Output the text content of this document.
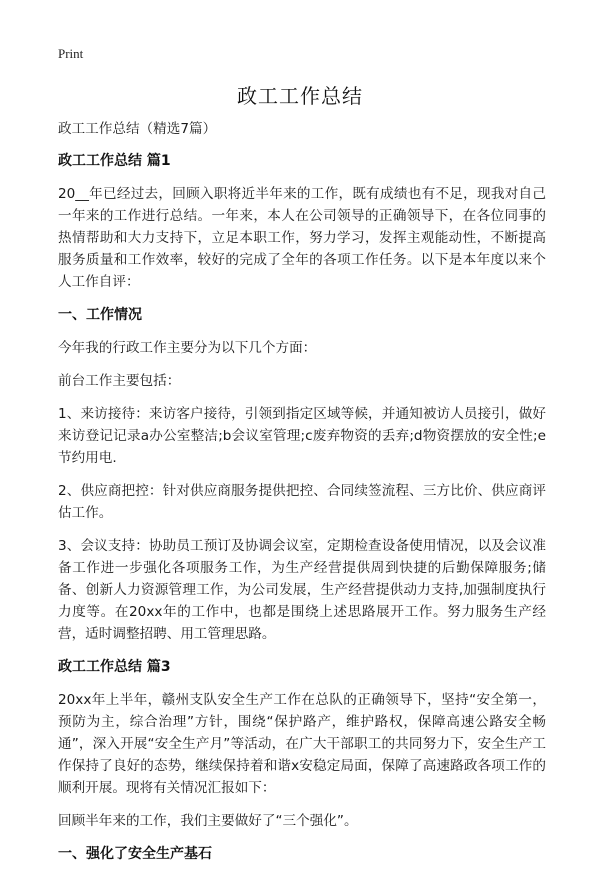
Print
政工工作总结
政工工作总结（精选7篇）
政工工作总结 篇1
20__年已经过去，回顾入职将近半年来的工作，既有成绩也有不足，现我对自己一年来的工作进行总结。一年来，本人在公司领导的正确领导下，在各位同事的热情帮助和大力支持下，立足本职工作，努力学习，发挥主观能动性，不断提高服务质量和工作效率，较好的完成了全年的各项工作任务。以下是本年度以来个人工作自评：
一、工作情况
今年我的行政工作主要分为以下几个方面：
前台工作主要包括：
1、来访接待：来访客户接待，引领到指定区域等候，并通知被访人员接引，做好来访登记记录a办公室整洁;b会议室管理;c废弃物资的丢弃;d物资摆放的安全性;e节约用电.
2、供应商把控：针对供应商服务提供把控、合同续签流程、三方比价、供应商评估工作。
3、会议支持：协助员工预订及协调会议室，定期检查设备使用情况，以及会议准备工作进一步强化各项服务工作，为生产经营提供周到快捷的后勤保障服务;储备、创新人力资源管理工作，为公司发展，生产经营提供动力支持,加强制度执行力度等。在20xx年的工作中，也都是围绕上述思路展开工作。努力服务生产经营，适时调整招聘、用工管理思路。
政工工作总结 篇3
20xx年上半年，赣州支队安全生产工作在总队的正确领导下，坚持“安全第一，预防为主，综合治理”方针，围绕“保护路产，维护路权，保障高速公路安全畅通”，深入开展“安全生产月”等活动，在广大干部职工的共同努力下，安全生产工作保持了良好的态势，继续保持着和谐x安稳定局面，保障了高速路政各项工作的顺利开展。现将有关情况汇报如下：
回顾半年来的工作，我们主要做好了“三个强化”。
一、强化了安全生产基石
